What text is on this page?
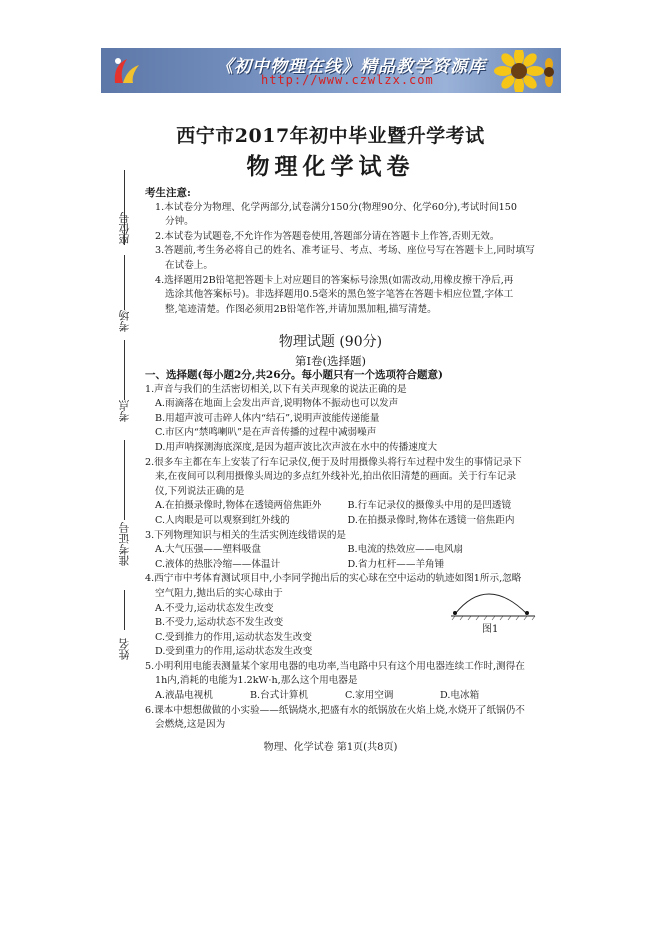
《初中物理在线》精品教学资源库
http://www.czwlzx.com
西宁市2017年初中毕业暨升学考试
物理化学试卷
座位号
考场
考点
准考证号
姓名
考生注意:
1.本试卷分为物理、化学两部分,试卷满分150分(物理90分、化学60分),考试时间150
分钟。
2.本试卷为试题卷,不允许作为答题卷使用,答题部分请在答题卡上作答,否则无效。
3.答题前,考生务必将自己的姓名、准考证号、考点、考场、座位号写在答题卡上,同时填写
在试卷上。
4.选择题用2B铅笔把答题卡上对应题目的答案标号涂黑(如需改动,用橡皮擦干净后,再
选涂其他答案标号)。非选择题用0.5毫米的黑色签字笔答在答题卡相应位置,字体工
整,笔迹清楚。作图必须用2B铅笔作答,并请加黑加粗,描写清楚。
物理试题 (90分)
第Ⅰ卷(选择题)
一、选择题(每小题2分,共26分。每小题只有一个选项符合题意)
1.声音与我们的生活密切相关,以下有关声现象的说法正确的是
A.雨滴落在地面上会发出声音,说明物体不振动也可以发声
B.用超声波可击碎人体内“结石”,说明声波能传递能量
C.市区内“禁鸣喇叭”是在声音传播的过程中减弱噪声
D.用声呐探测海底深度,是因为超声波比次声波在水中的传播速度大
2.很多车主都在车上安装了行车记录仪,便于及时用摄像头将行车过程中发生的事情记录下
来,在夜间可以利用摄像头周边的多点红外线补光,拍出依旧清楚的画面。关于行车记录
仪,下列说法正确的是
A.在拍摄录像时,物体在透镜两倍焦距外	B.行车记录仪的摄像头中用的是凹透镜
C.人肉眼是可以观察到红外线的	D.在拍摄录像时,物体在透镜一倍焦距内
3.下列物理知识与相关的生活实例连线错误的是
A.大气压强——塑料吸盘	B.电流的热效应——电风扇
C.液体的热胀冷缩——体温计	D.省力杠杆——羊角锤
4.西宁市中考体育测试项目中,小李同学抛出后的实心球在空中运动的轨迹如图1所示,忽略
空气阻力,抛出后的实心球由于
A.不受力,运动状态发生改变
B.不受力,运动状态不发生改变
C.受到推力的作用,运动状态发生改变
D.受到重力的作用,运动状态发生改变
5.小明利用电能表测量某个家用电器的电功率,当电路中只有这个用电器连续工作时,测得在
1h内,消耗的电能为1.2kW·h,那么这个用电器是
A.液晶电视机	B.台式计算机	C.家用空调	D.电冰箱
6.课本中想想做做的小实验——纸锅烧水,把盛有水的纸锅放在火焰上烧,水烧开了纸锅仍不
会燃烧,这是因为
图1
物理、化学试卷 第1页(共8页)
